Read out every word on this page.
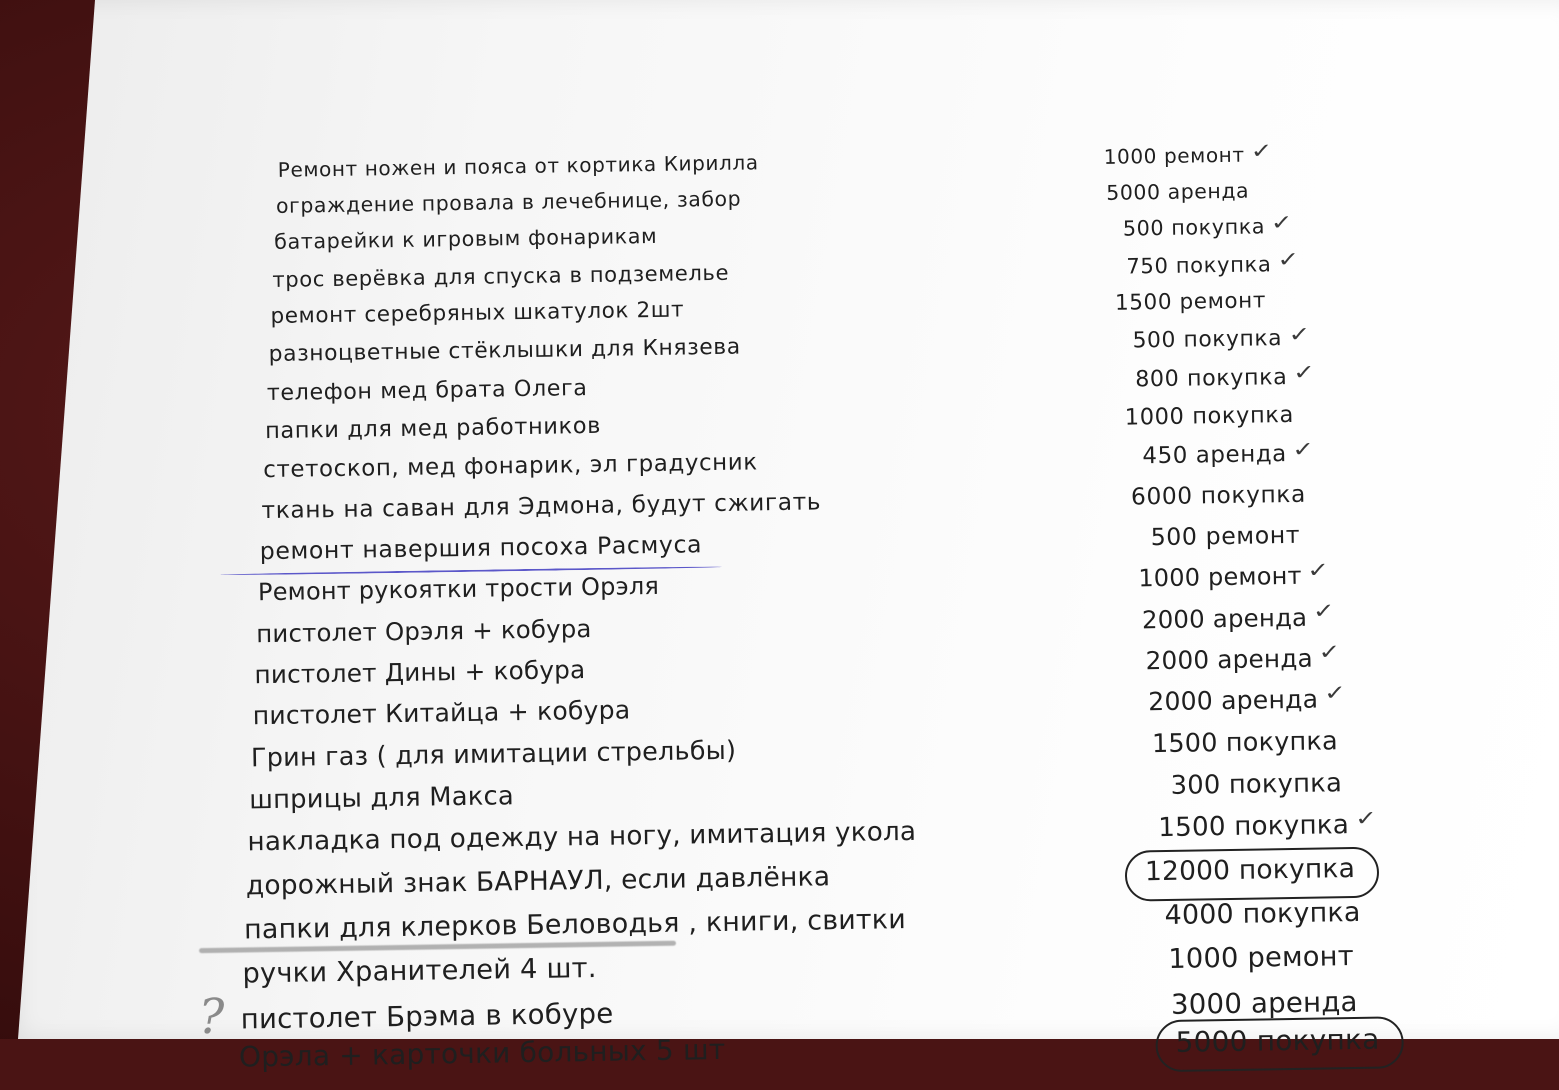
Ремонт ножен и пояса от кортика Кирилла	1000 ремонт
ограждение провала в лечебнице, забор	5000 аренда
батарейки к игровым фонарикам	500 покупка
трос верёвка для спуска в подземелье	750 покупка
ремонт серебряных шкатулок 2шт	1500 ремонт
разноцветные стёклышки для Князева	500 покупка
телефон мед брата Олега	800 покупка
папки для мед работников	1000 покупка
стетоскоп, мед фонарик, эл градусник	450 аренда
ткань на саван для Эдмона, будут сжигать	6000 покупка
ремонт навершия посоха Расмуса	500 ремонт
Ремонт рукоятки трости Орэля	1000 ремонт
пистолет Орэля + кобура	2000 аренда
пистолет Дины + кобура	2000 аренда
пистолет Китайца + кобура	2000 аренда
Грин газ ( для имитации стрельбы)	1500 покупка
шприцы для Макса	300 покупка
накладка под одежду на ногу, имитация укола	1500 покупка
дорожный знак БАРНАУЛ, если давлёнка	12000 покупка
папки для клерков Беловодья , книги, свитки	4000 покупка
ручки Хранителей 4 шт.	1000 ремонт
пистолет Брэма в кобуре	3000 аренда
Орэла + карточки больных 5 шт	5000 покупка
✓
✓
✓
✓
✓
✓
✓
✓
✓
✓
✓
?
